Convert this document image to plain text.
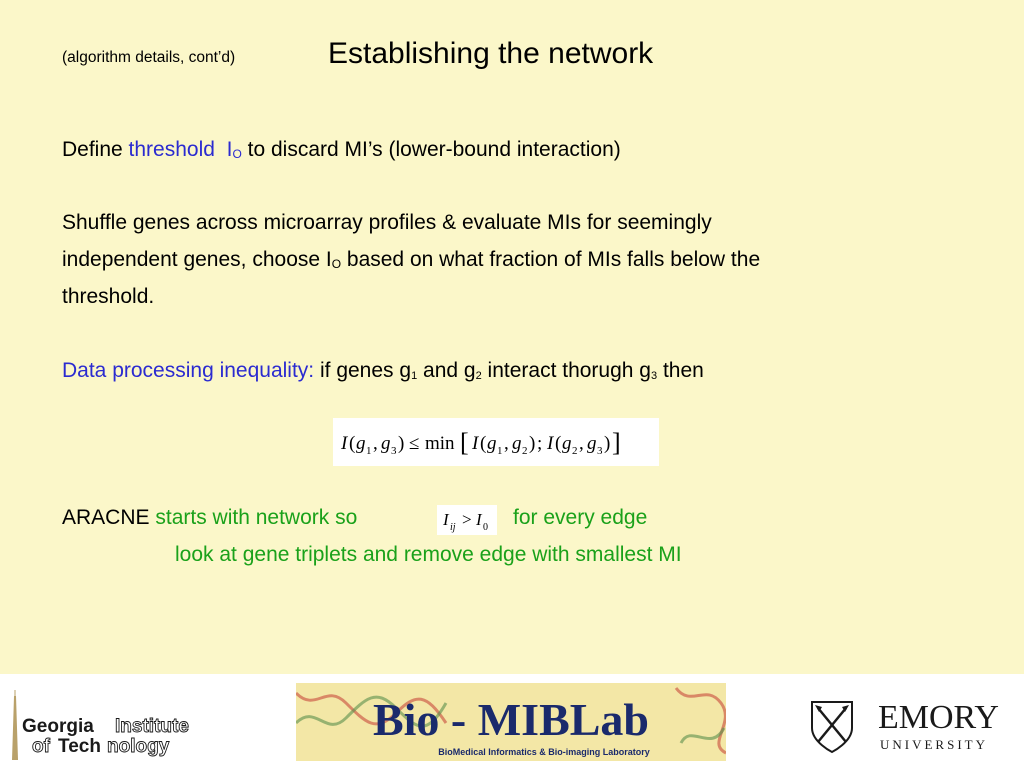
(algorithm details, cont’d)	Establishing the network
Define threshold IO to discard MI’s (lower-bound interaction)
Shuffle genes across microarray profiles & evaluate MIs for seemingly
independent genes, choose IO based on what fraction of MIs falls below the
threshold.
Data processing inequality: if genes g1 and g2 interact thorugh g3 then
I ( g 1 , g 3 ) ≤ min [ I ( g 1 , g 2 ) ; I ( g 2 , g 3 ) ]
ARACNE starts with network so	I ij > I 0 for every edge
look at gene triplets and remove edge with smallest MI
Georgia Institute
of Tech nology
Bio - MIBLab
BioMedical Informatics & Bio-imaging Laboratory
EMORY
UNIVERSITY
